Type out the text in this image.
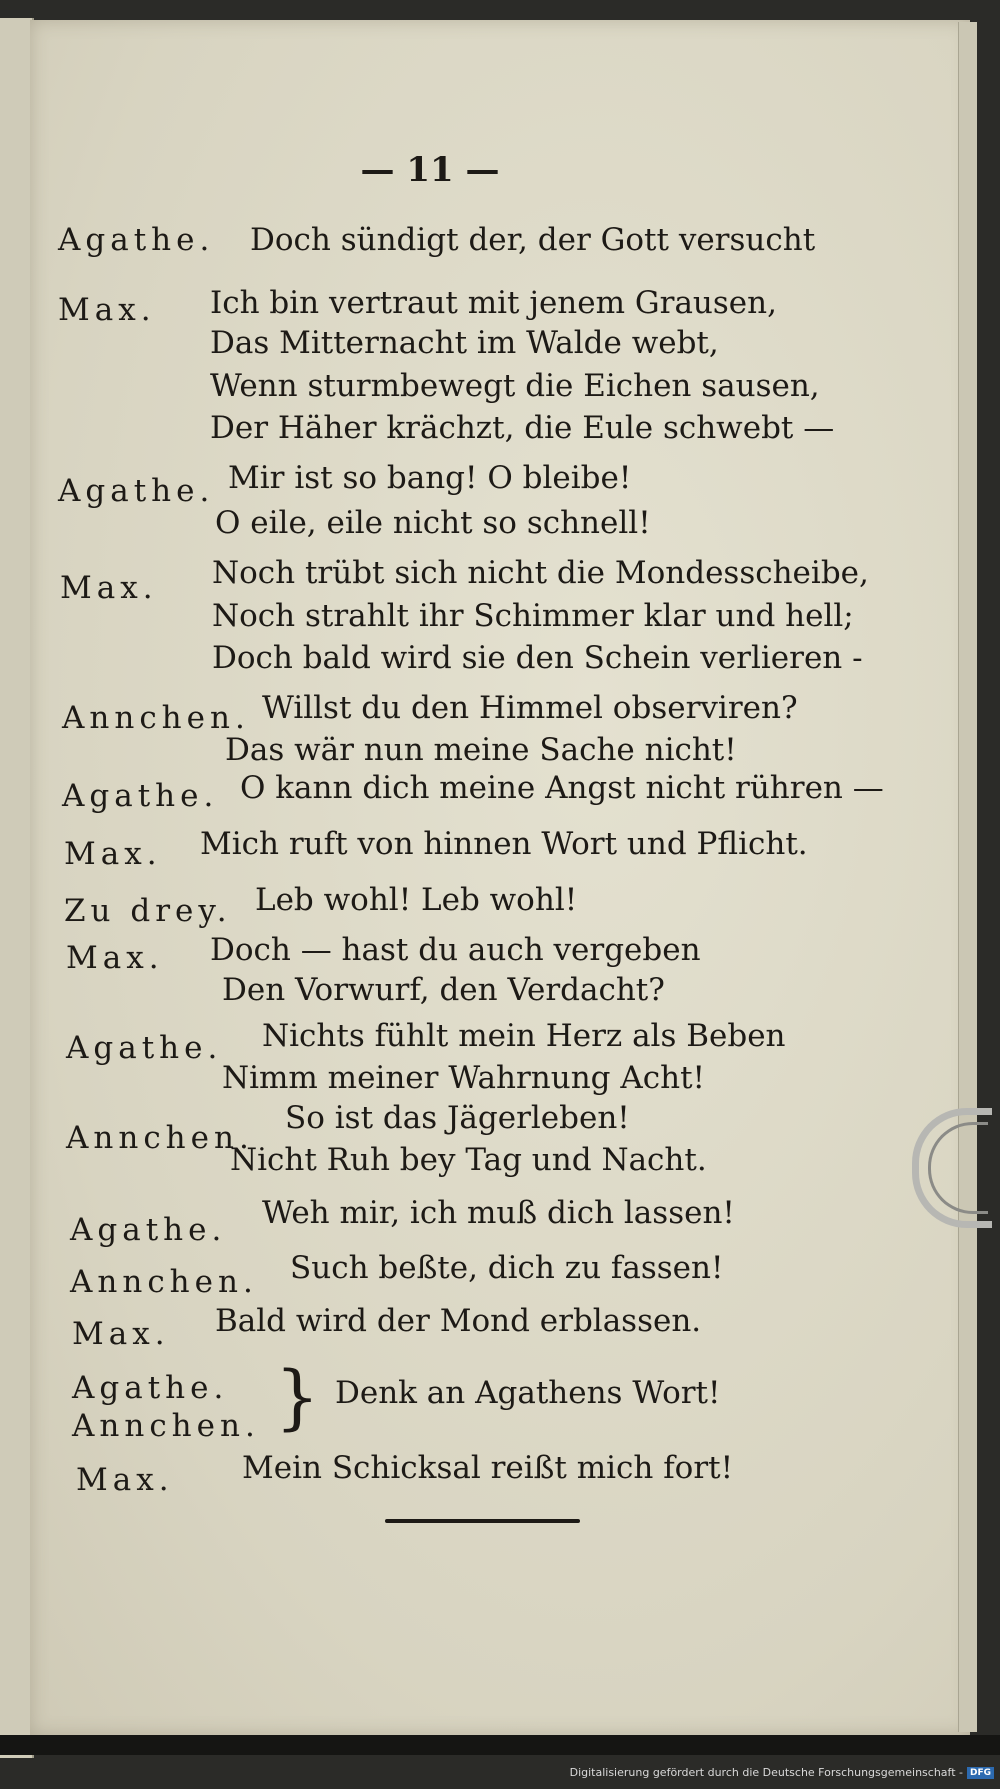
— 11 —
Agathe. Doch sündigt der, der Gott versucht
Max. Ich bin vertraut mit jenem Grausen,
Das Mitternacht im Walde webt,
Wenn sturmbewegt die Eichen sausen,
Der Häher krächzt, die Eule schwebt —
Agathe. Mir ist so bang! O bleibe!
O eile, eile nicht so schnell!
Max. Noch trübt sich nicht die Mondesscheibe,
Noch strahlt ihr Schimmer klar und hell;
Doch bald wird sie den Schein verlieren -
Annchen. Willst du den Himmel observiren?
Das wär nun meine Sache nicht!
Agathe. O kann dich meine Angst nicht rühren —
Max. Mich ruft von hinnen Wort und Pflicht.
Zu drey. Leb wohl! Leb wohl!
Max. Doch — hast du auch vergeben
Den Vorwurf, den Verdacht?
Agathe. Nichts fühlt mein Herz als Beben
Nimm meiner Wahrnung Acht!
Annchen.
So ist das Jägerleben!
Nicht Ruh bey Tag und Nacht.
Agathe. Weh mir, ich muß dich lassen!
Annchen. Such beßte, dich zu fassen!
Max. Bald wird der Mond erblassen.
Agathe.
Annchen. } Denk an Agathens Wort!
Max. Mein Schicksal reißt mich fort!
Digitalisierung gefördert durch die Deutsche Forschungsgemeinschaft - DFG
